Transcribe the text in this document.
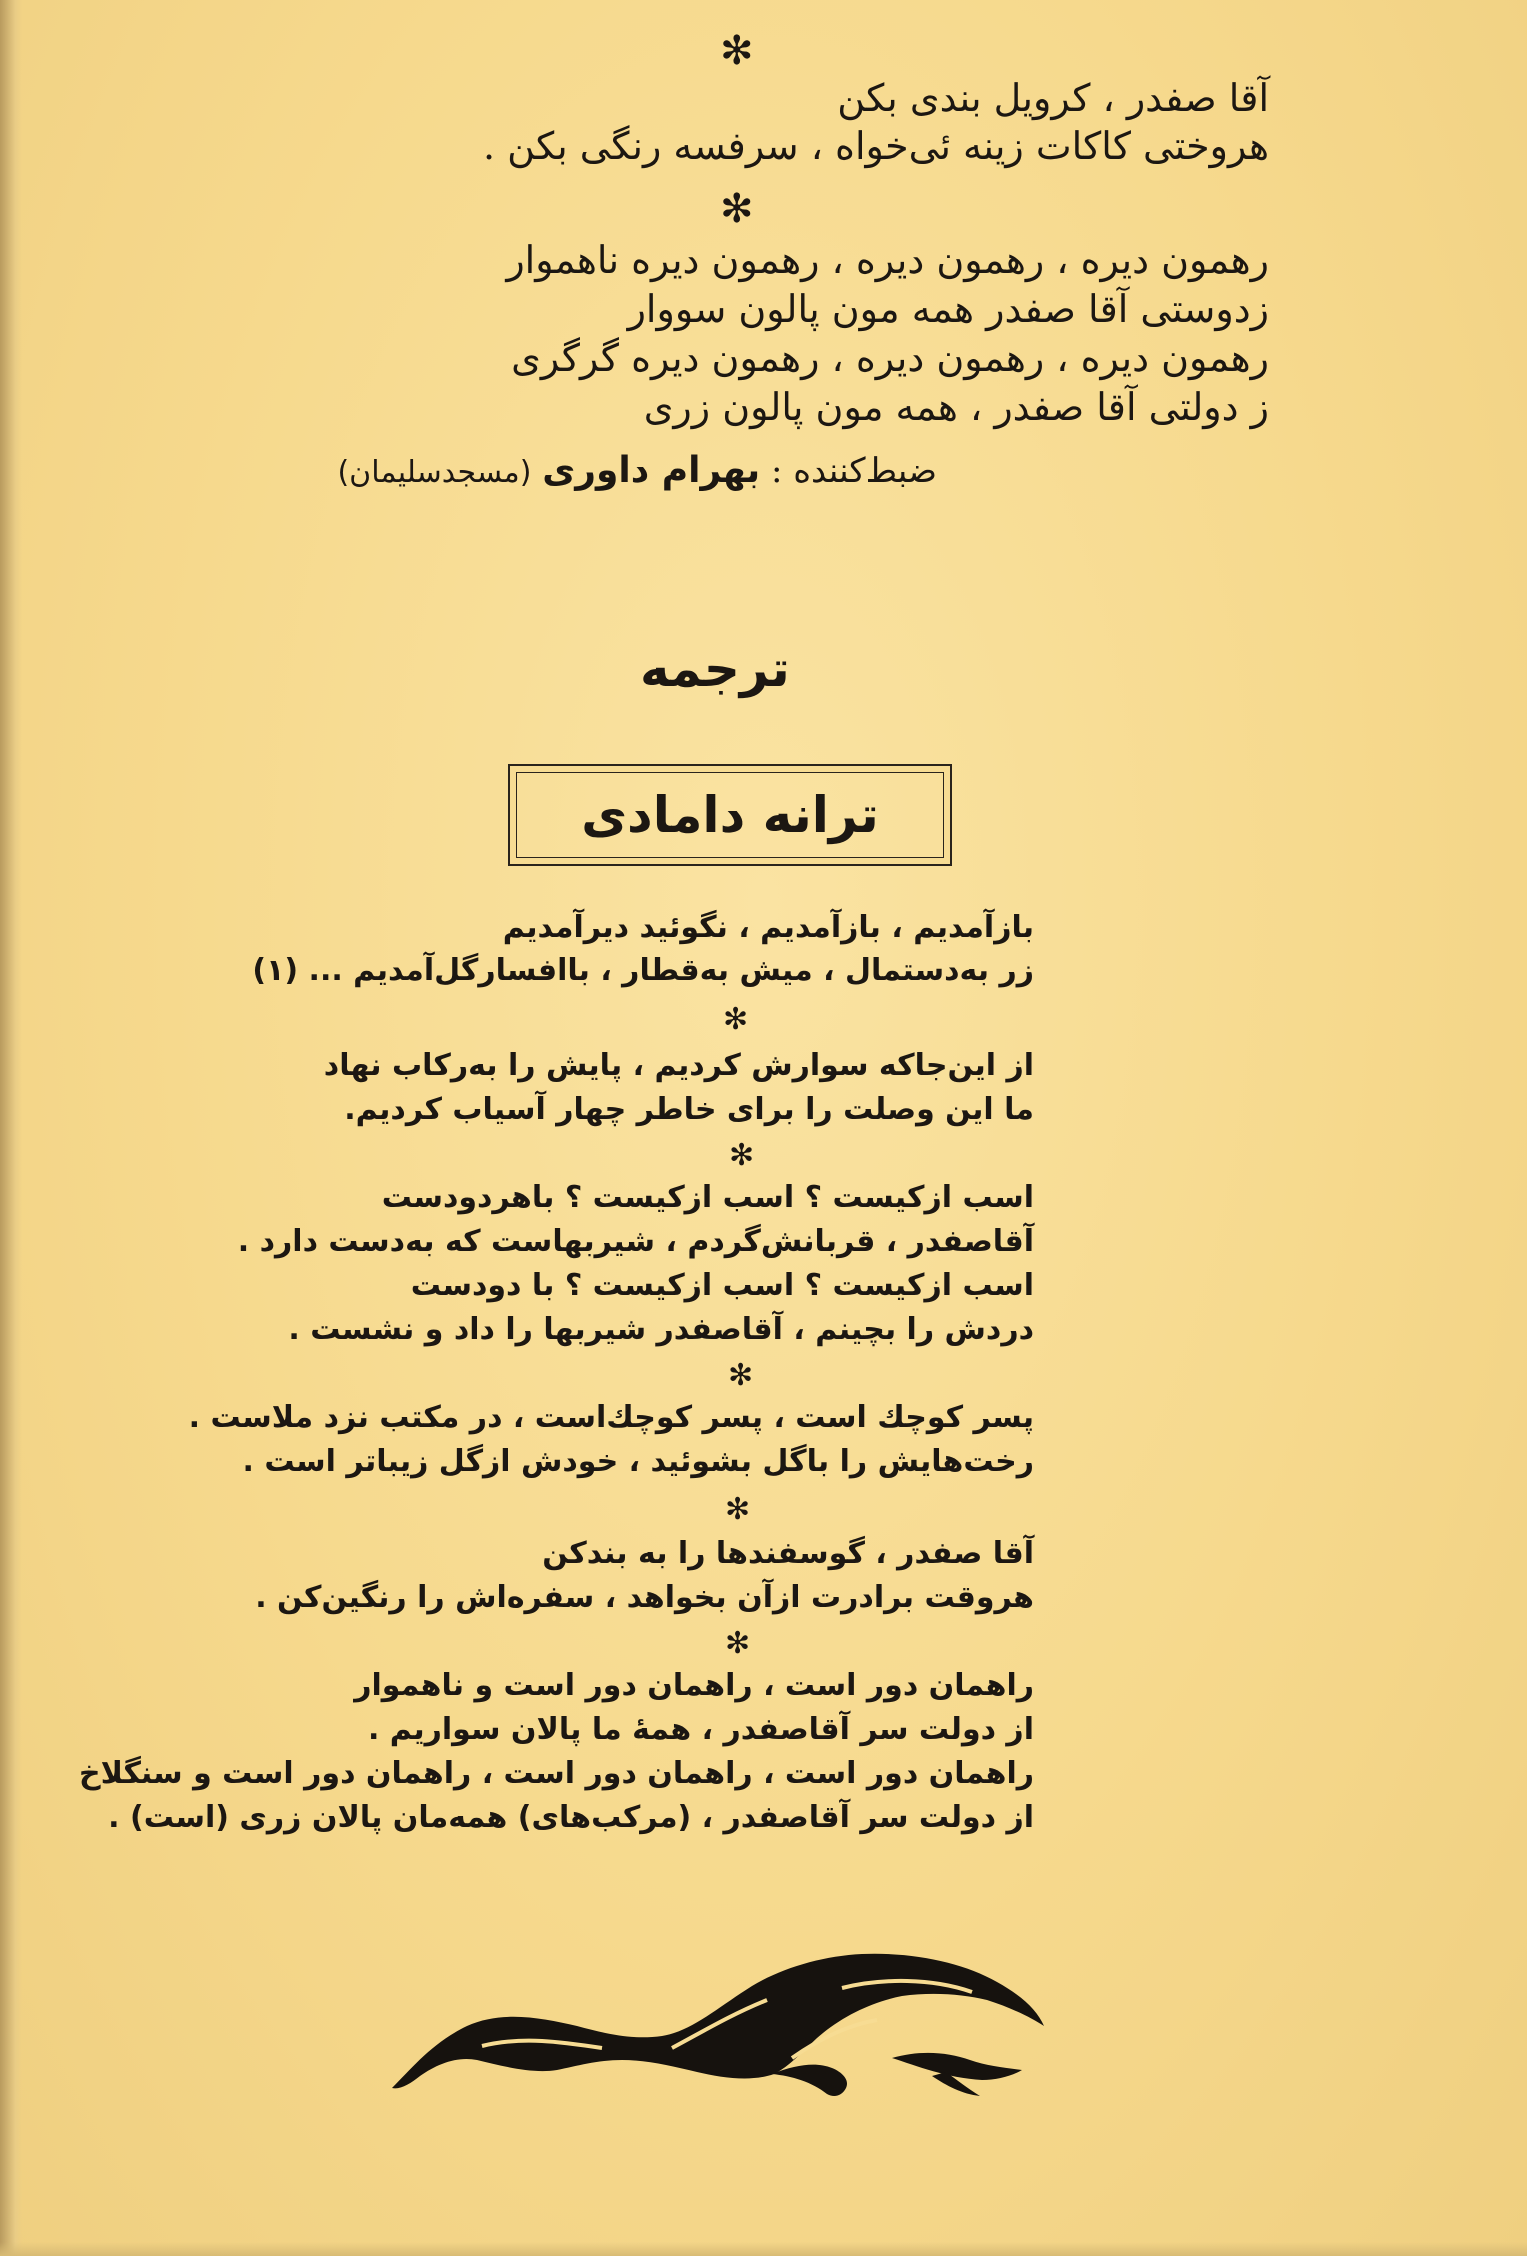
✻
آقا صفدر ، کرویل بندی بکن
هروختی کاکات زینه ئی‌خواه ، سرفسه رنگی بکن .
✻
رهمون دیره ، رهمون دیره ، رهمون دیره ناهموار
زدوستی آقا صفدر همه مون پالون سووار
رهمون دیره ، رهمون دیره ، رهمون دیره گرگری
ز دولتی آقا صفدر ، همه مون پالون زری
ضبط‌کننده : بهرام داوری (مسجدسلیمان)
ترجمه
ترانه دامادی
بازآمدیم ، بازآمدیم ، نگوئید دیرآمدیم
زر به‌دستمال ، میش به‌قطار ، باافسارگل‌آمدیم ... (۱)
✻
از این‌جاکه سوارش کردیم ، پایش را به‌رکاب نهاد
ما این وصلت را برای خاطر چهار آسیاب کردیم.
✻
اسب ازکیست ؟ اسب ازکیست ؟ باهردودست
آقاصفدر ، قربانش‌گردم ، شیربهاست که به‌دست دارد .
اسب ازکیست ؟ اسب ازکیست ؟ با دودست
دردش را بچینم ، آقاصفدر شیربها را داد و نشست .
✻
پسر کوچك است ، پسر کوچك‌است ، در مکتب نزد ملاست .
رخت‌هایش را باگل بشوئید ، خودش ازگل زیباتر است .
✻
آقا صفدر ، گوسفندها را به بندکن
هروقت برادرت ازآن بخواهد ، سفره‌اش را رنگین‌کن .
✻
راهمان دور است ، راهمان دور است و ناهموار
از دولت سر آقاصفدر ، همهٔ ما پالان سواریم .
راهمان دور است ، راهمان دور است ، راهمان دور است و سنگلاخ
از دولت سر آقاصفدر ، (مرکب‌های) همه‌مان پالان زری (است) .
